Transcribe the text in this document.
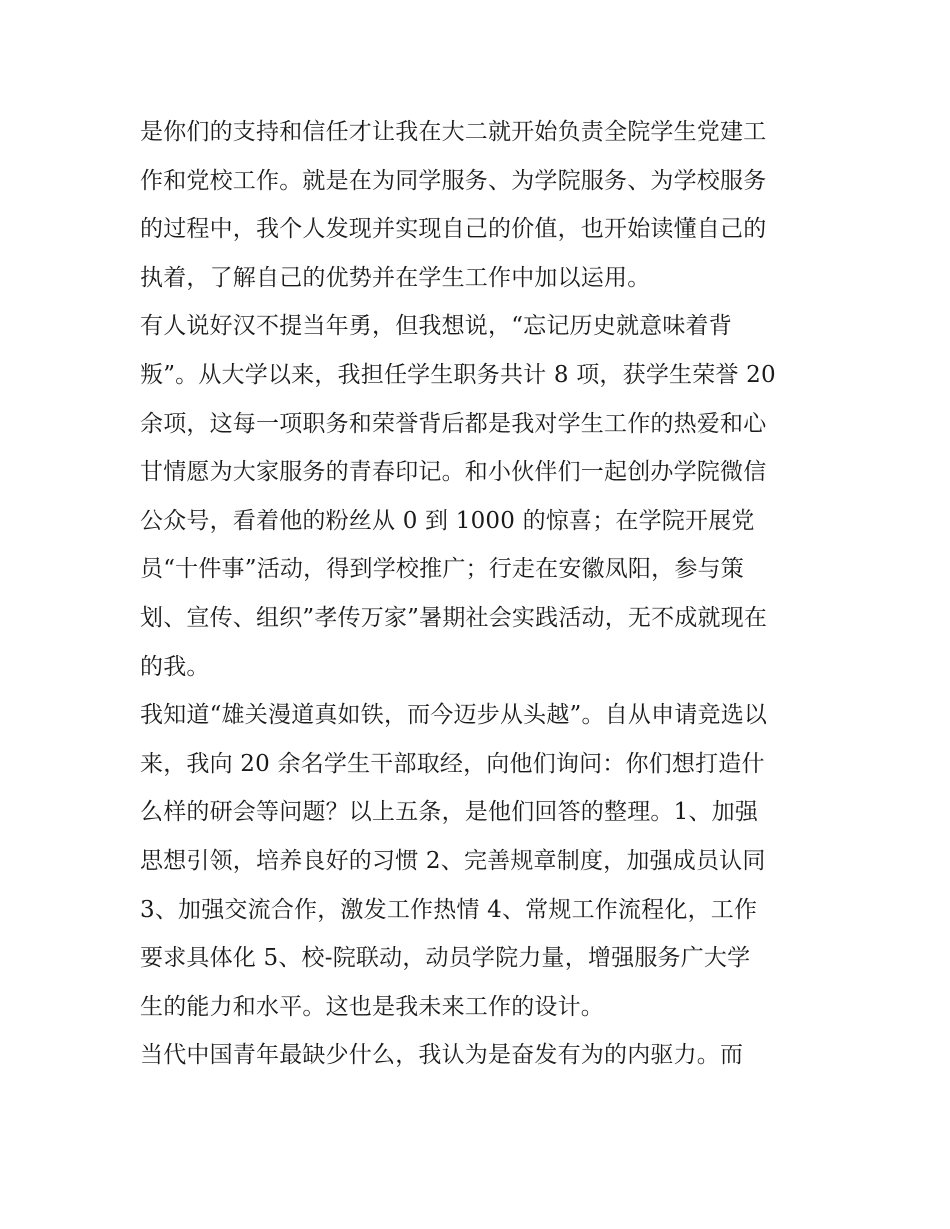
是你们的支持和信任才让我在大二就开始负责全院学生党建工
作和党校工作。就是在为同学服务、为学院服务、为学校服务
的过程中，我个人发现并实现自己的价值，也开始读懂自己的
执着，了解自己的优势并在学生工作中加以运用。
有人说好汉不提当年勇，但我想说，“忘记历史就意味着背
叛”。从大学以来，我担任学生职务共计 8 项，获学生荣誉 20
余项，这每一项职务和荣誉背后都是我对学生工作的热爱和心
甘情愿为大家服务的青春印记。和小伙伴们一起创办学院微信
公众号，看着他的粉丝从 0 到 1000 的惊喜；在学院开展党
员“十件事”活动，得到学校推广；行走在安徽凤阳，参与策
划、宣传、组织”孝传万家”暑期社会实践活动，无不成就现在
的我。
我知道“雄关漫道真如铁，而今迈步从头越”。自从申请竞选以
来，我向 20 余名学生干部取经，向他们询问：你们想打造什
么样的研会等问题？以上五条，是他们回答的整理。1、加强
思想引领，培养良好的习惯 2、完善规章制度，加强成员认同
3、加强交流合作，激发工作热情 4、常规工作流程化，工作
要求具体化 5、校-院联动，动员学院力量，增强服务广大学
生的能力和水平。这也是我未来工作的设计。
当代中国青年最缺少什么，我认为是奋发有为的内驱力。而
